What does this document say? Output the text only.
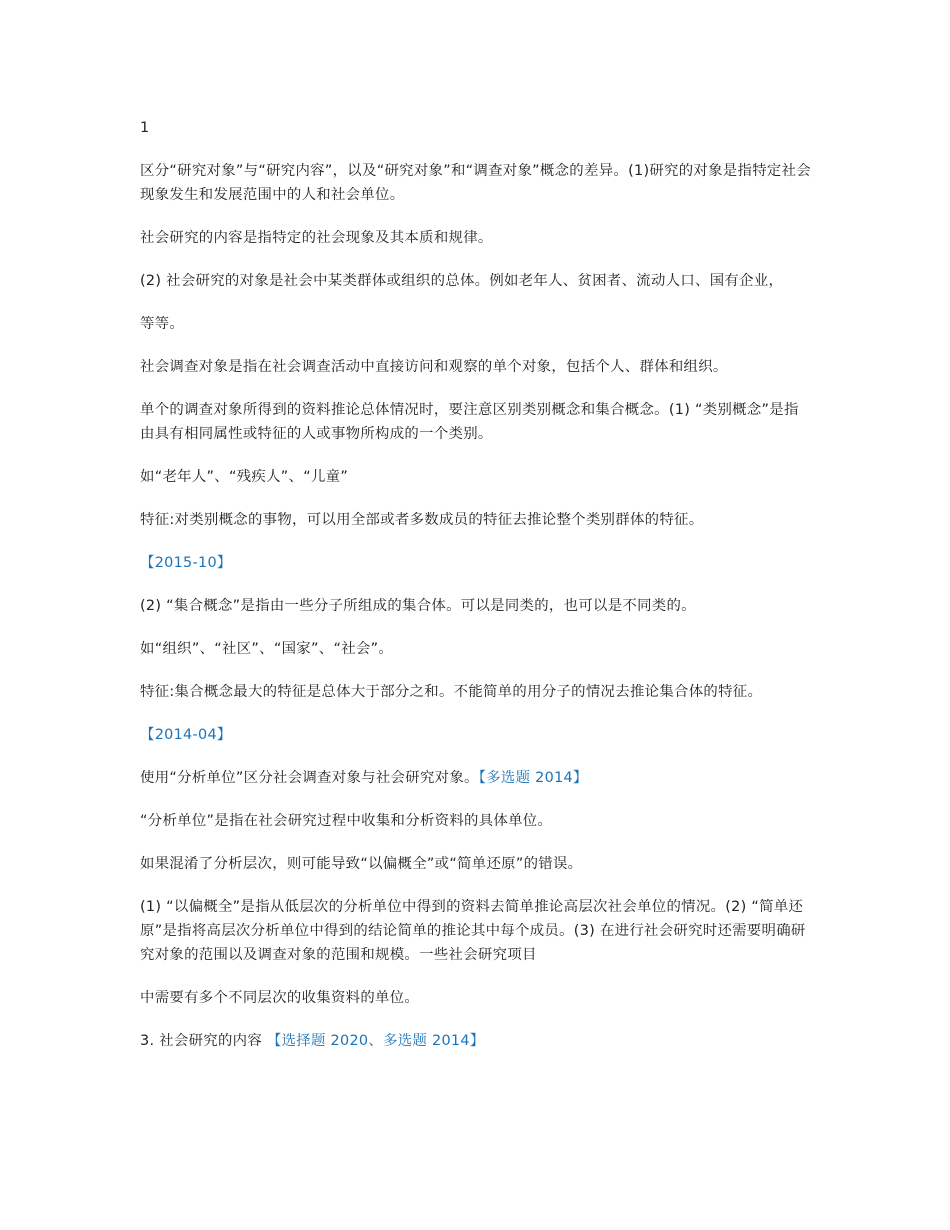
1

区分“研究对象”与“研究内容”，以及“研究对象”和“调查对象”概念的差异。(1)研究的对象是指特定社会现象发生和发展范围中的人和社会单位。

社会研究的内容是指特定的社会现象及其本质和规律。

(2) 社会研究的对象是社会中某类群体或组织的总体。例如老年人、贫困者、流动人口、国有企业，

等等。

社会调查对象是指在社会调查活动中直接访问和观察的单个对象，包括个人、群体和组织。

单个的调查对象所得到的资料推论总体情况时，要注意区别类别概念和集合概念。(1) “类别概念”是指由具有相同属性或特征的人或事物所构成的一个类别。

如“老年人”、“残疾人”、“儿童”

特征:对类别概念的事物，可以用全部或者多数成员的特征去推论整个类别群体的特征。

【2015-10】

(2) “集合概念”是指由一些分子所组成的集合体。可以是同类的，也可以是不同类的。

如“组织”、“社区”、“国家”、“社会”。

特征:集合概念最大的特征是总体大于部分之和。不能简单的用分子的情况去推论集合体的特征。

【2014-04】

使用“分析单位”区分社会调查对象与社会研究对象。【多选题 2014】

“分析单位”是指在社会研究过程中收集和分析资料的具体单位。

如果混淆了分析层次，则可能导致“以偏概全”或“简单还原”的错误。

(1) “以偏概全”是指从低层次的分析单位中得到的资料去简单推论高层次社会单位的情况。(2) “简单还原”是指将高层次分析单位中得到的结论简单的推论其中每个成员。(3) 在进行社会研究时还需要明确研究对象的范围以及调查对象的范围和规模。一些社会研究项目

中需要有多个不同层次的收集资料的单位。

3. 社会研究的内容 【选择题 2020、多选题 2014】
